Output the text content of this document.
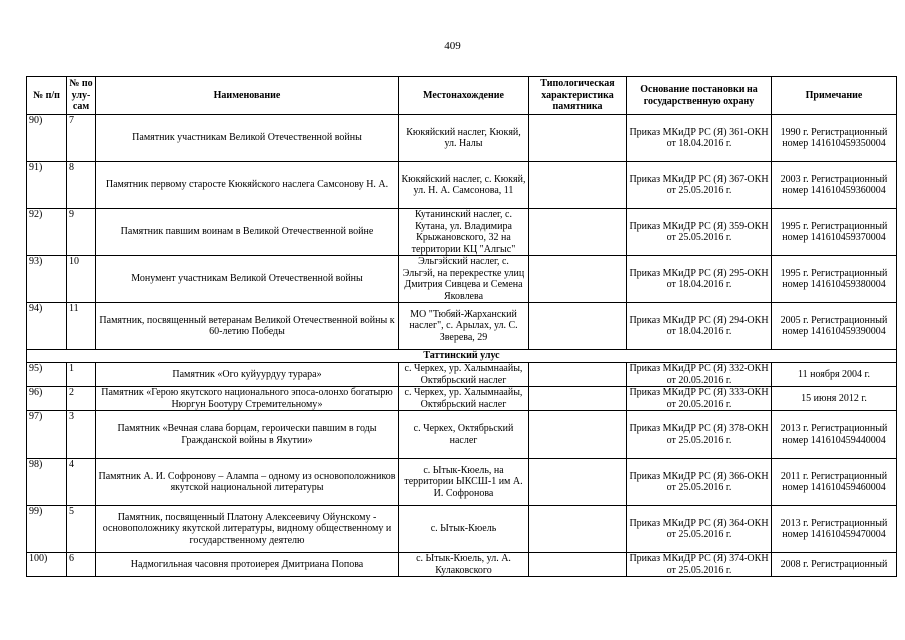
409
№ п/п	№ по улу-сам	Наименование	Местонахождение	Типологическая характеристика памятника	Основание постановки на государственную охрану	Примечание
90)	7	Памятник участникам Великой Отечественной войны	Кюкяйский наслег, Кюкяй, ул. Налы		Приказ МКиДР РС (Я) 361-ОКН от 18.04.2016 г.	1990 г. Регистрационный номер 141610459350004
91)	8	Памятник первому старосте Кюкяйского наслега Самсонову Н. А.	Кюкяйский наслег, с. Кюкяй, ул. Н. А. Самсонова, 11		Приказ МКиДР РС (Я) 367-ОКН от 25.05.2016 г.	2003 г. Регистрационный номер 141610459360004
92)	9	Памятник павшим воинам в Великой Отечественной войне	Кутанинский наслег, с. Кутана, ул. Владимира Крыжановского, 32 на территории КЦ "Алгыс"		Приказ МКиДР РС (Я) 359-ОКН от 25.05.2016 г.	1995 г. Регистрационный номер 141610459370004
93)	10	Монумент участникам Великой Отечественной войны	Эльгэйский наслег, с. Эльгэй, на перекрестке улиц Дмитрия Сивцева и Семена Яковлева		Приказ МКиДР РС (Я) 295-ОКН от 18.04.2016 г.	1995 г. Регистрационный номер 141610459380004
94)	11	Памятник, посвященный ветеранам Великой Отечественной войны к 60-летию Победы	МО "Тюбяй-Жарханский наслег", с. Арылах, ул. С. Зверева, 29		Приказ МКиДР РС (Я) 294-ОКН от 18.04.2016 г.	2005 г. Регистрационный номер 141610459390004
Таттинский улус						
95)	1	Памятник «Ого куйуурдуу турара»	с. Черкех, ур. Халымнаайы, Октябрьский наслег		Приказ МКиДР РС (Я) 332-ОКН от 20.05.2016 г.	11 ноября 2004 г.
96)	2	Памятник «Герою якутского национального эпоса-олонхо богатырю Нюргун Боотуру Стремительному»	с. Черкех, ур. Халымнаайы, Октябрьский наслег		Приказ МКиДР РС (Я) 333-ОКН от 20.05.2016 г.	15 июня 2012 г.
97)	3	Памятник «Вечная слава борцам, героически павшим в годы Гражданской войны в Якутии»	с. Черкех, Октябрьский наслег		Приказ МКиДР РС (Я) 378-ОКН от 25.05.2016 г.	2013 г. Регистрационный номер 141610459440004
98)	4	Памятник А. И. Софронову – Алампа – одному из основоположников якутской национальной литературы	с. Ытык-Кюель, на территории ЫКСШ-1 им А. И. Софронова		Приказ МКиДР РС (Я) 366-ОКН от 25.05.2016 г.	2011 г. Регистрационный номер 141610459460004
99)	5	Памятник, посвященный Платону Алексеевичу Ойунскому - основоположнику якутской литературы, видному общественному и государственному деятелю	с. Ытык-Кюель		Приказ МКиДР РС (Я) 364-ОКН от 25.05.2016 г.	2013 г. Регистрационный номер 141610459470004
100)	6	Надмогильная часовня протоиерея Дмитриана Попова	с. Ытык-Кюель, ул. А. Кулаковского		Приказ МКиДР РС (Я) 374-ОКН от 25.05.2016 г.	2008 г. Регистрационный
